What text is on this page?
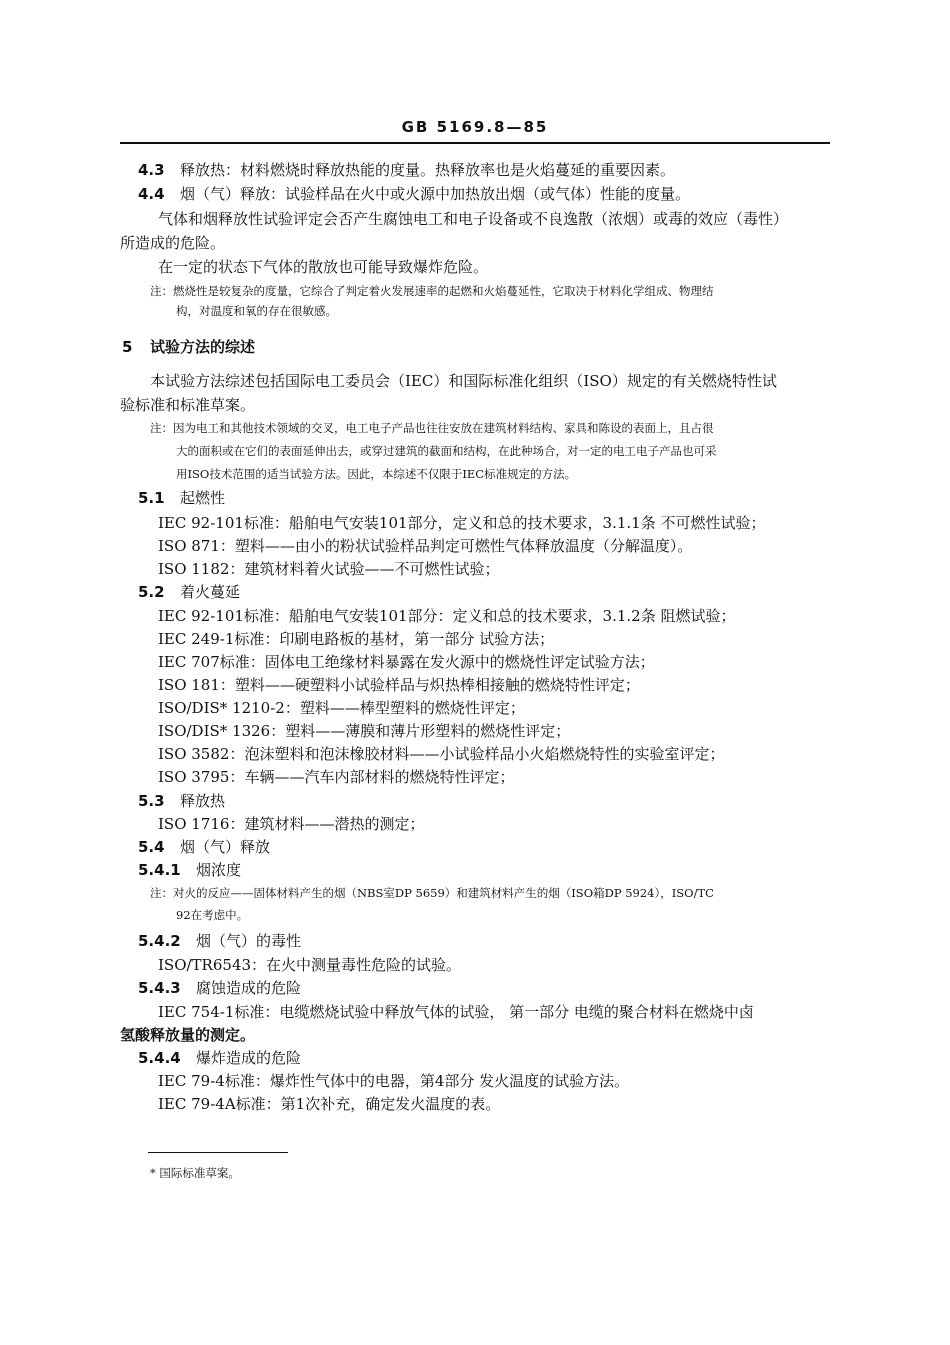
GB 5169.8—85
4.3 释放热：材料燃烧时释放热能的度量。热释放率也是火焰蔓延的重要因素。
4.4 烟（气）释放：试验样品在火中或火源中加热放出烟（或气体）性能的度量。
气体和烟释放性试验评定会否产生腐蚀电工和电子设备或不良逸散（浓烟）或毒的效应（毒性）
所造成的危险。
在一定的状态下气体的散放也可能导致爆炸危险。
注：燃烧性是较复杂的度量，它综合了判定着火发展速率的起燃和火焰蔓延性，它取决于材料化学组成、物理结
构，对温度和氧的存在很敏感。
5 试验方法的综述
本试验方法综述包括国际电工委员会（IEC）和国际标准化组织（ISO）规定的有关燃烧特性试
验标准和标准草案。
注：因为电工和其他技术领域的交叉，电工电子产品也往往安放在建筑材料结构、家具和陈设的表面上，且占很
大的面积或在它们的表面延伸出去，或穿过建筑的截面和结构，在此种场合，对一定的电工电子产品也可采
用ISO技术范围的适当试验方法。因此，本综述不仅限于IEC标准规定的方法。
5.1 起燃性
IEC 92-101标准：船舶电气安装101部分，定义和总的技术要求，3.1.1条 不可燃性试验；
ISO 871：塑料——由小的粉状试验样品判定可燃性气体释放温度（分解温度）。
ISO 1182：建筑材料着火试验——不可燃性试验；
5.2 着火蔓延
IEC 92-101标准：船舶电气安装101部分：定义和总的技术要求，3.1.2条 阻燃试验；
IEC 249-1标准：印刷电路板的基材，第一部分 试验方法；
IEC 707标准：固体电工绝缘材料暴露在发火源中的燃烧性评定试验方法；
ISO 181：塑料——硬塑料小试验样品与炽热棒相接触的燃烧特性评定；
ISO/DIS* 1210-2：塑料——棒型塑料的燃烧性评定；
ISO/DIS* 1326：塑料——薄膜和薄片形塑料的燃烧性评定；
ISO 3582：泡沫塑料和泡沫橡胶材料——小试验样品小火焰燃烧特性的实验室评定；
ISO 3795：车辆——汽车内部材料的燃烧特性评定；
5.3 释放热
ISO 1716：建筑材料——潜热的测定；
5.4 烟（气）释放
5.4.1 烟浓度
注：对火的反应——固体材料产生的烟（NBS室DP 5659）和建筑材料产生的烟（ISO箱DP 5924），ISO/TC
92在考虑中。
5.4.2 烟（气）的毒性
ISO/TR6543：在火中测量毒性危险的试验。
5.4.3 腐蚀造成的危险
IEC 754-1标准：电缆燃烧试验中释放气体的试验， 第一部分 电缆的聚合材料在燃烧中卤
氢酸释放量的测定。
5.4.4 爆炸造成的危险
IEC 79-4标准：爆炸性气体中的电器，第4部分 发火温度的试验方法。
IEC 79-4A标准：第1次补充，确定发火温度的表。
* 国际标准草案。
